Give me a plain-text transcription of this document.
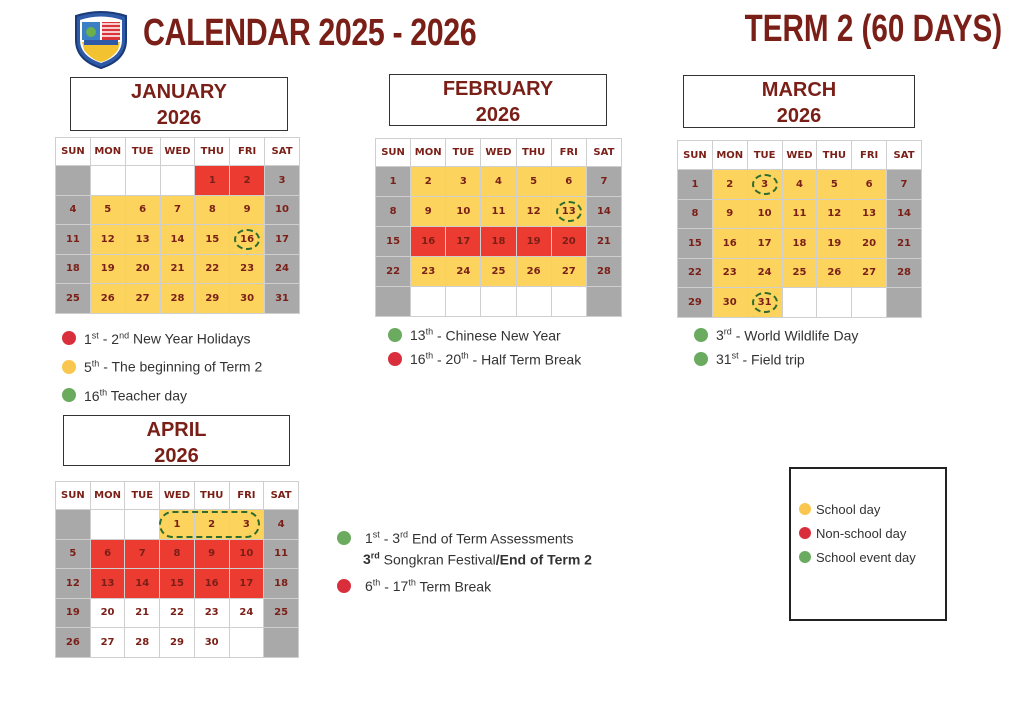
CALENDAR 2025 - 2026	TERM 2 (60 DAYS)
JANUARY
2026
SUN	MON	TUE	WED	THU	FRI	SAT
				1	2	3
4	5	6	7	8	9	10
11	12	13	14	15	16	17
18	19	20	21	22	23	24
25	26	27	28	29	30	31
1st - 2nd New Year Holidays
5th - The beginning of Term 2
16th Teacher day
FEBRUARY
2026
SUN	MON	TUE	WED	THU	FRI	SAT
1	2	3	4	5	6	7
8	9	10	11	12	13	14
15	16	17	18	19	20	21
22	23	24	25	26	27	28

13th - Chinese New Year
16th - 20th - Half Term Break
MARCH
2026
SUN	MON	TUE	WED	THU	FRI	SAT
1	2	3	4	5	6	7
8	9	10	11	12	13	14
15	16	17	18	19	20	21
22	23	24	25	26	27	28
29	30	31				
3rd - World Wildlife Day
31st - Field trip
APRIL
2026
SUN	MON	TUE	WED	THU	FRI	SAT
			1	2	3	4
5	6	7	8	9	10	11
12	13	14	15	16	17	18
19	20	21	22	23	24	25
26	27	28	29	30		
1st - 3rd End of Term Assessments
3rd Songkran Festival/End of Term 2
6th - 17th Term Break
School day
Non-school day
School event day
